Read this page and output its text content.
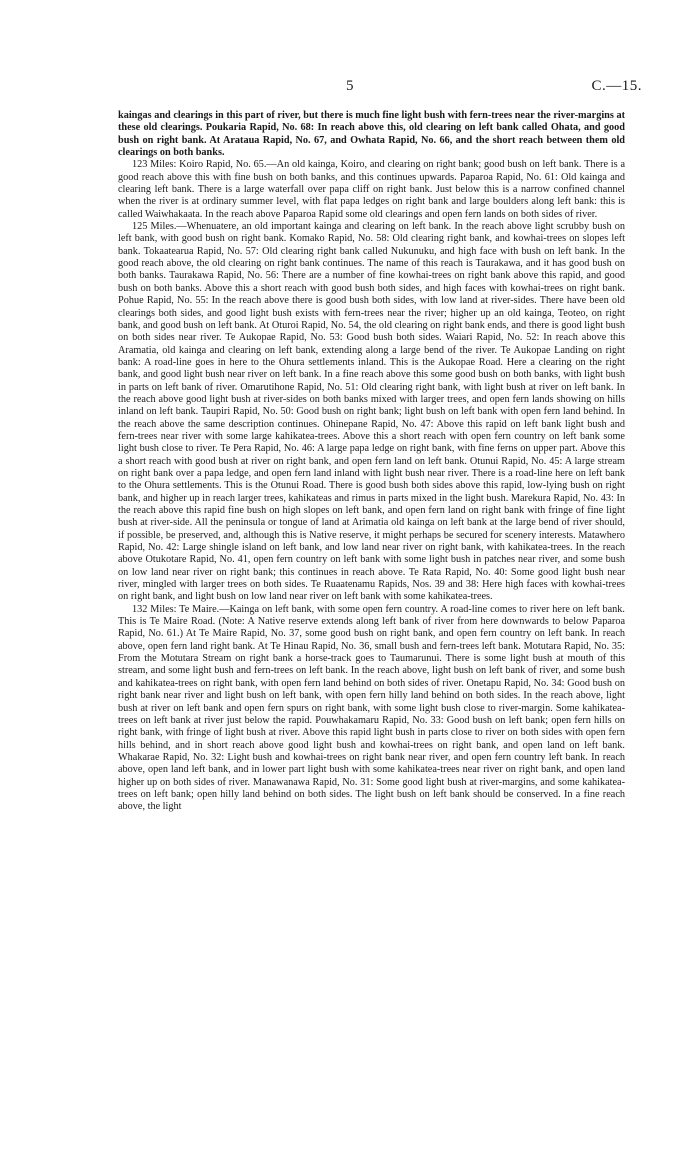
5	C.—15.

kaingas and clearings in this part of river, but there is much fine light bush with fern-trees near the river-margins at these old clearings. Poukaria Rapid, No. 68: In reach above this, old clearing on left bank called Ohata, and good bush on right bank. At Arataua Rapid, No. 67, and Owhata Rapid, No. 66, and the short reach between them old clearings on both banks.

123 Miles: Koiro Rapid, No. 65.—An old kainga, Koiro, and clearing on right bank; good bush on left bank. There is a good reach above this with fine bush on both banks, and this continues upwards. Paparoa Rapid, No. 61: Old kainga and clearing left bank. There is a large waterfall over papa cliff on right bank. Just below this is a narrow confined channel when the river is at ordinary summer level, with flat papa ledges on right bank and large boulders along left bank: this is called Waiwhakaata. In the reach above Paparoa Rapid some old clearings and open fern lands on both sides of river.

125 Miles.—Whenuatere, an old important kainga and clearing on left bank. In the reach above light scrubby bush on left bank, with good bush on right bank. Komako Rapid, No. 58: Old clearing right bank, and kowhai-trees on slopes left bank. Tokaatearua Rapid, No. 57: Old clearing right bank called Nukunuku, and high face with bush on left bank. In the good reach above, the old clearing on right bank continues. The name of this reach is Taurakawa, and it has good bush on both banks. Taurakawa Rapid, No. 56: There are a number of fine kowhai-trees on right bank above this rapid, and good bush on both banks. Above this a short reach with good bush both sides, and high faces with kowhai-trees on right bank. Pohue Rapid, No. 55: In the reach above there is good bush both sides, with low land at river-sides. There have been old clearings both sides, and good light bush exists with fern-trees near the river; higher up an old kainga, Teoteo, on right bank, and good bush on left bank. At Oturoi Rapid, No. 54, the old clearing on right bank ends, and there is good light bush on both sides near river. Te Aukopae Rapid, No. 53: Good bush both sides. Waiari Rapid, No. 52: In reach above this Aramatia, old kainga and clearing on left bank, extending along a large bend of the river. Te Aukopae Landing on right bank: A road-line goes in here to the Ohura settlements inland. This is the Aukopae Road. Here a clearing on the right bank, and good light bush near river on left bank. In a fine reach above this some good bush on both banks, with light bush in parts on left bank of river. Omarutihone Rapid, No. 51: Old clearing right bank, with light bush at river on left bank. In the reach above good light bush at river-sides on both banks mixed with larger trees, and open fern lands showing on hills inland on left bank. Taupiri Rapid, No. 50: Good bush on right bank; light bush on left bank with open fern land behind. In the reach above the same description continues. Ohinepane Rapid, No. 47: Above this rapid on left bank light bush and fern-trees near river with some large kahikatea-trees. Above this a short reach with open fern country on left bank some light bush close to river. Te Pera Rapid, No. 46: A large papa ledge on right bank, with fine ferns on upper part. Above this a short reach with good bush at river on right bank, and open fern land on left bank. Otunui Rapid, No. 45: A large stream on right bank over a papa ledge, and open fern land inland with light bush near river. There is a road-line here on left bank to the Ohura settlements. This is the Otunui Road. There is good bush both sides above this rapid, low-lying bush on right bank, and higher up in reach larger trees, kahikateas and rimus in parts mixed in the light bush. Marekura Rapid, No. 43: In the reach above this rapid fine bush on high slopes on left bank, and open fern land on right bank with fringe of fine light bush at river-side. All the peninsula or tongue of land at Arimatia old kainga on left bank at the large bend of river should, if possible, be preserved, and, although this is Native reserve, it might perhaps be secured for scenery interests. Matawhero Rapid, No. 42: Large shingle island on left bank, and low land near river on right bank, with kahikatea-trees. In the reach above Otukotare Rapid, No. 41, open fern country on left bank with some light bush in patches near river, and some bush on low land near river on right bank; this continues in reach above. Te Rata Rapid, No. 40: Some good light bush near river, mingled with larger trees on both sides. Te Ruaatenamu Rapids, Nos. 39 and 38: Here high faces with kowhai-trees on right bank, and light bush on low land near river on left bank with some kahikatea-trees.

132 Miles: Te Maire.—Kainga on left bank, with some open fern country. A road-line comes to river here on left bank. This is Te Maire Road. (Note: A Native reserve extends along left bank of river from here downwards to below Paparoa Rapid, No. 61.) At Te Maire Rapid, No. 37, some good bush on right bank, and open fern country on left bank. In reach above, open fern land right bank. At Te Hinau Rapid, No. 36, small bush and fern-trees left bank. Motutara Rapid, No. 35: From the Motutara Stream on right bank a horse-track goes to Taumarunui. There is some light bush at mouth of this stream, and some light bush and fern-trees on left bank. In the reach above, light bush on left bank of river, and some bush and kahikatea-trees on right bank, with open fern land behind on both sides of river. Onetapu Rapid, No. 34: Good bush on right bank near river and light bush on left bank, with open fern hilly land behind on both sides. In the reach above, light bush at river on left bank and open fern spurs on right bank, with some light bush close to river-margin. Some kahikatea-trees on left bank at river just below the rapid. Pouwhakamaru Rapid, No. 33: Good bush on left bank; open fern hills on right bank, with fringe of light bush at river. Above this rapid light bush in parts close to river on both sides with open fern hills behind, and in short reach above good light bush and kowhai-trees on right bank, and open land on left bank. Whakarae Rapid, No. 32: Light bush and kowhai-trees on right bank near river, and open fern country left bank. In reach above, open land left bank, and in lower part light bush with some kahikatea-trees near river on right bank, and open land higher up on both sides of river. Manawanawa Rapid, No. 31: Some good light bush at river-margins, and some kahikatea-trees on left bank; open hilly land behind on both sides. The light bush on left bank should be conserved. In a fine reach above, the light
